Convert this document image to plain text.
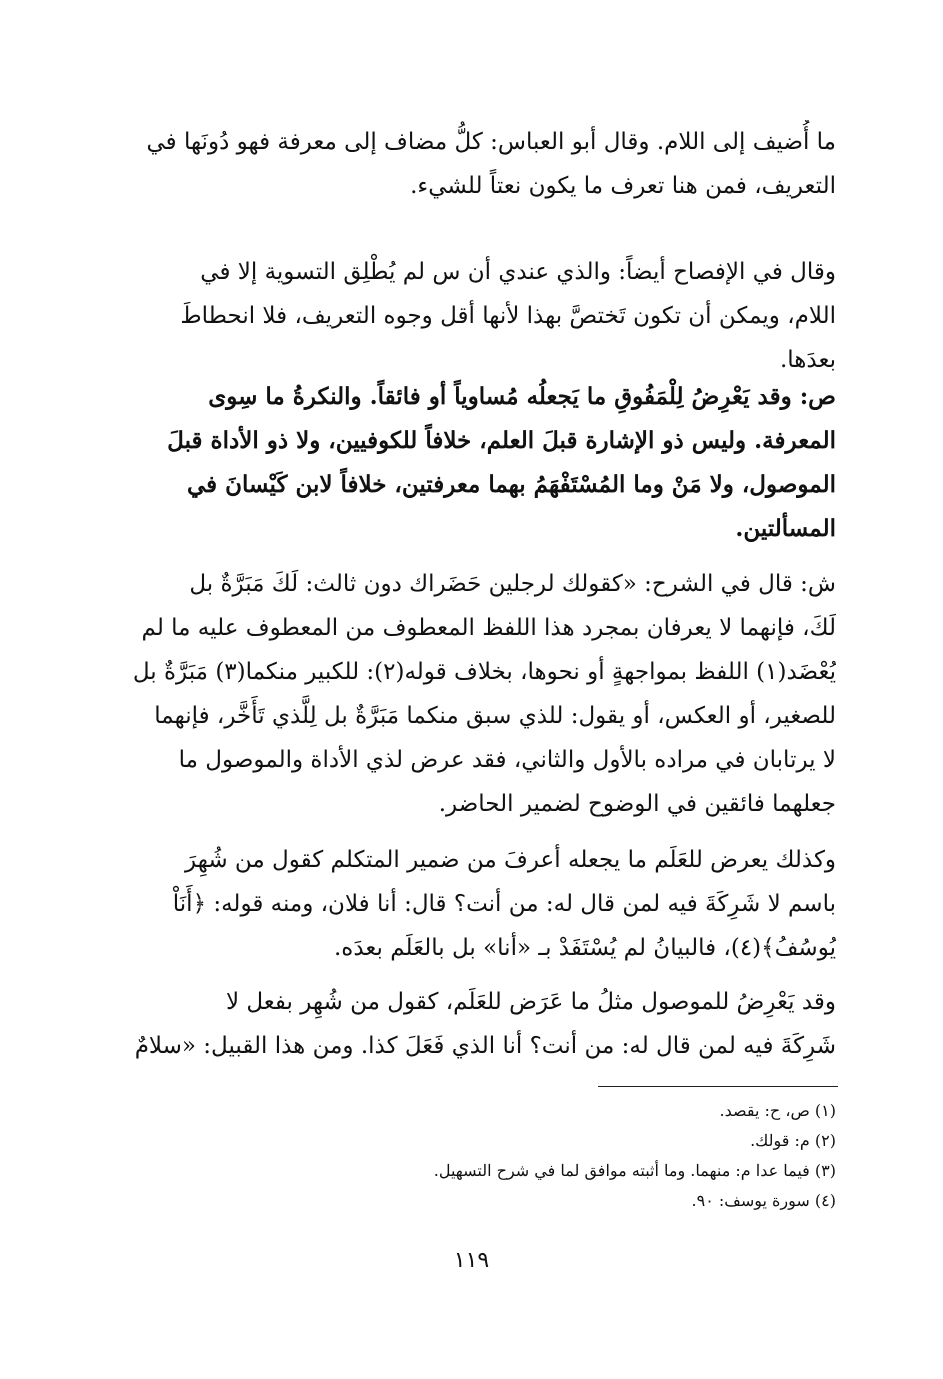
ما أُضيف إلى اللام. وقال أبو العباس: كلُّ مضاف إلى معرفة فهو دُونَها في
التعريف، فمن هنا تعرف ما يكون نعتاً للشيء.
وقال في الإفصاح أيضاً: والذي عندي أن س لم يُطْلِق التسوية إلا في
اللام، ويمكن أن تكون تَختصَّ بهذا لأنها أقل وجوه التعريف، فلا انحطاطَ
بعدَها.
ص: وقد يَعْرِضُ لِلْمَفُوقِ ما يَجعلُه مُساوياً أو فائقاً. والنكرةُ ما سِوى
المعرفة. وليس ذو الإشارة قبلَ العلم، خلافاً للكوفيين، ولا ذو الأداة قبلَ
الموصول، ولا مَنْ وما المُسْتَفْهَمُ بهما معرفتين، خلافاً لابن كَيْسانَ في
المسألتين.
ش: قال في الشرح: «كقولك لرجلين حَضَراك دون ثالث: لَكَ مَبَرَّةٌ بل
لَكَ، فإنهما لا يعرفان بمجرد هذا اللفظ المعطوف من المعطوف عليه ما لم
يُعْضَد(١) اللفظ بمواجهةٍ أو نحوها، بخلاف قوله(٢): للكبير منكما(٣) مَبَرَّةٌ بل
للصغير، أو العكس، أو يقول: للذي سبق منكما مَبَرَّةٌ بل لِلَّذي تَأَخَّر، فإنهما
لا يرتابان في مراده بالأول والثاني، فقد عرض لذي الأداة والموصول ما
جعلهما فائقين في الوضوح لضمير الحاضر.
وكذلك يعرض للعَلَم ما يجعله أعرفَ من ضمير المتكلم كقول من شُهِرَ
باسم لا شَرِكَةَ فيه لمن قال له: من أنت؟ قال: أنا فلان، ومنه قوله: ﴿أَنَاْ
يُوسُفُ﴾(٤)، فالبيانُ لم يُسْتَفَدْ بـ «أنا» بل بالعَلَم بعدَه.
وقد يَعْرِضُ للموصول مثلُ ما عَرَض للعَلَم، كقول من شُهِر بفعل لا
شَرِكَةَ فيه لمن قال له: من أنت؟ أنا الذي فَعَلَ كذا. ومن هذا القبيل: «سلامٌ
(١) ص، ح: يقصد.
(٢) م: قولك.
(٣) فيما عدا م: منهما. وما أثبته موافق لما في شرح التسهيل.
(٤) سورة يوسف: ٩٠.
١١٩
